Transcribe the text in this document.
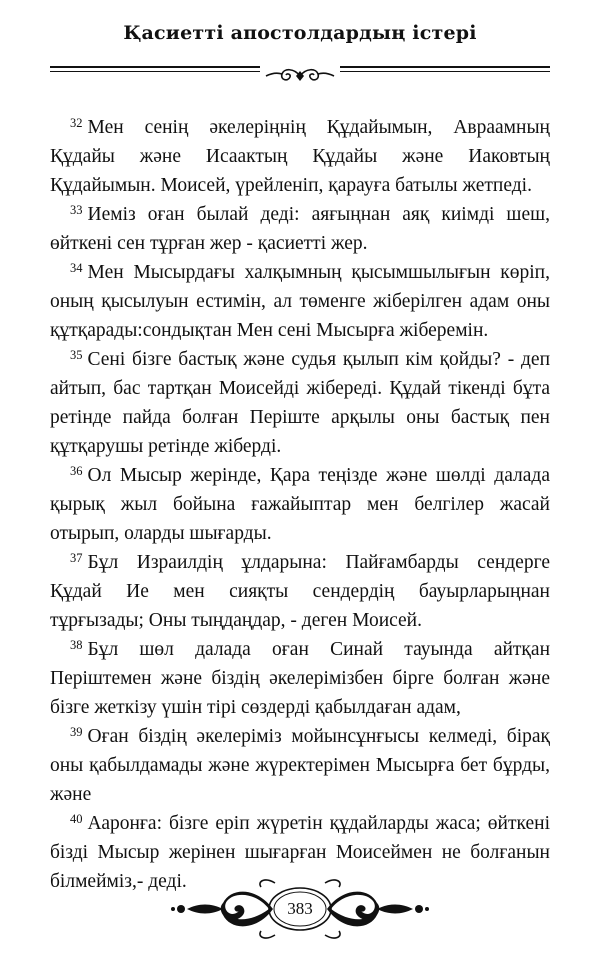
Қасиетті апостолдардың істері

$^{32}$ Мен сенің әкелеріңнің Құдайымын, Авраамның Құдайы және Исаактың Құдайы және Иаковтың Құдайымын. Моисей, үрейленіп, қарауға батылы жетпеді.

$^{33}$ Иеміз оған былай деді: аяғыңнан аяқ киімді шеш, өйткені сен тұрған жер - қасиетті жер.

$^{34}$ Мен Мысырдағы халқымның қысымшылығын көріп, оның қысылуын естимін, ал төменге жіберілген адам оны құтқарады:сондықтан Мен сені Мысырға жіберемін.

$^{35}$ Сені бізге бастық және судья қылып кім қойды? - деп айтып, бас тартқан Моисейді жібереді. Құдай тікенді бұта ретінде пайда болған Періште арқылы оны бастық пен құтқарушы ретінде жіберді.

$^{36}$ Ол Мысыр жерінде, Қара теңізде және шөлді далада қырық жыл бойына ғажайыптар мен белгілер жасай отырып, оларды шығарды.

$^{37}$ Бұл Израилдің ұлдарына: Пайғамбарды сендерге Құдай Ие мен сияқты сендердің бауырларыңнан тұрғызады; Оны тыңдаңдар, - деген Моисей.

$^{38}$ Бұл шөл далада оған Синай тауында айтқан Періштемен және біздің әкелерімізбен бірге болған және бізге жеткізу үшін тірі сөздерді қабылдаған адам,

$^{39}$ Оған біздің әкелеріміз мойынсұнғысы келмеді, бірақ оны қабылдамады және жүректерімен Мысырға бет бұрды, және

$^{40}$ Ааронға: бізге еріп жүретін құдайларды жаса; өйткені бізді Мысыр жерінен шығарған Моисеймен не болғанын білмейміз,- деді.

383
